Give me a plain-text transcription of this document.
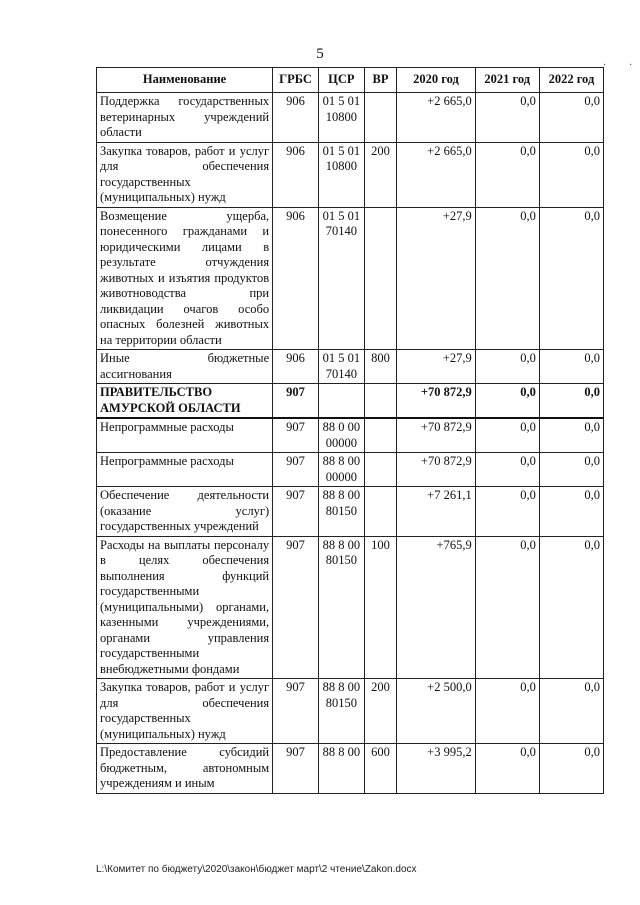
5
· ·
Наименование	ГРБС	ЦСР	ВР	2020 год	2021 год	2022 год
Поддержка государственных ветеринарных учреждений области	906	01 5 01 10800		+2 665,0	0,0	0,0
Закупка товаров, работ и услуг для обеспечения государственных (муниципальных) нужд	906	01 5 01 10800	200	+2 665,0	0,0	0,0
Возмещение ущерба, понесенного гражданами и юридическими лицами в результате отчуждения животных и изъятия продуктов животноводства при ликвидации очагов особо опасных болезней животных на территории области	906	01 5 01 70140		+27,9	0,0	0,0
Иные бюджетные ассигнования	906	01 5 01 70140	800	+27,9	0,0	0,0
ПРАВИТЕЛЬСТВО АМУРСКОЙ ОБЛАСТИ	907			+70 872,9	0,0	0,0
Непрограммные расходы	907	88 0 00 00000		+70 872,9	0,0	0,0
Непрограммные расходы	907	88 8 00 00000		+70 872,9	0,0	0,0
Обеспечение деятельности (оказание услуг) государственных учреждений	907	88 8 00 80150		+7 261,1	0,0	0,0
Расходы на выплаты персоналу в целях обеспечения выполнения функций государственными (муниципальными) органами, казенными учреждениями, органами управления государственными внебюджетными фондами	907	88 8 00 80150	100	+765,9	0,0	0,0
Закупка товаров, работ и услуг для обеспечения государственных (муниципальных) нужд	907	88 8 00 80150	200	+2 500,0	0,0	0,0
Предоставление субсидий бюджетным, автономным учреждениям и иным	907	88 8 00	600	+3 995,2	0,0	0,0
L:\Комитет по бюджету\2020\закон\бюджет март\2 чтение\Zakon.docx
